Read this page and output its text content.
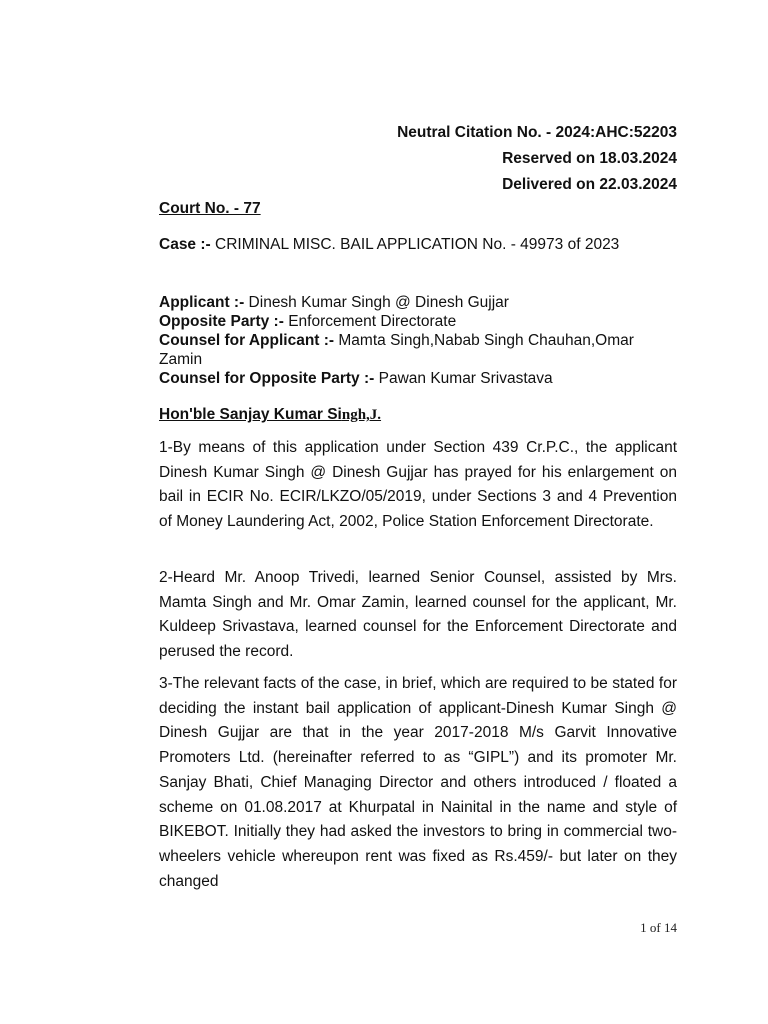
Neutral Citation No. - 2024:AHC:52203
Reserved on 18.03.2024
Delivered on 22.03.2024
Court No. - 77
Case :- CRIMINAL MISC. BAIL APPLICATION No. - 49973 of 2023
Applicant :- Dinesh Kumar Singh @ Dinesh Gujjar
Opposite Party :- Enforcement Directorate
Counsel for Applicant :- Mamta Singh,Nabab Singh Chauhan,Omar Zamin
Counsel for Opposite Party :- Pawan Kumar Srivastava
Hon'ble Sanjay Kumar Singh,J.

1-By means of this application under Section 439 Cr.P.C., the applicant Dinesh Kumar Singh @ Dinesh Gujjar has prayed for his enlargement on bail in ECIR No. ECIR/LKZO/05/2019, under Sections 3 and 4 Prevention of Money Laundering Act, 2002, Police Station Enforcement Directorate.

2-Heard Mr. Anoop Trivedi, learned Senior Counsel, assisted by Mrs. Mamta Singh and Mr. Omar Zamin, learned counsel for the applicant, Mr. Kuldeep Srivastava, learned counsel for the Enforcement Directorate and perused the record.

3-The relevant facts of the case, in brief, which are required to be stated for deciding the instant bail application of applicant-Dinesh Kumar Singh @ Dinesh Gujjar are that in the year 2017-2018 M/s Garvit Innovative Promoters Ltd. (hereinafter referred to as “GIPL”) and its promoter Mr. Sanjay Bhati, Chief Managing Director and others introduced / floated a scheme on 01.08.2017 at Khurpatal in Nainital in the name and style of BIKEBOT. Initially they had asked the investors to bring in commercial two-wheelers vehicle whereupon rent was fixed as Rs.459/- but later on they changed

1 of 14
